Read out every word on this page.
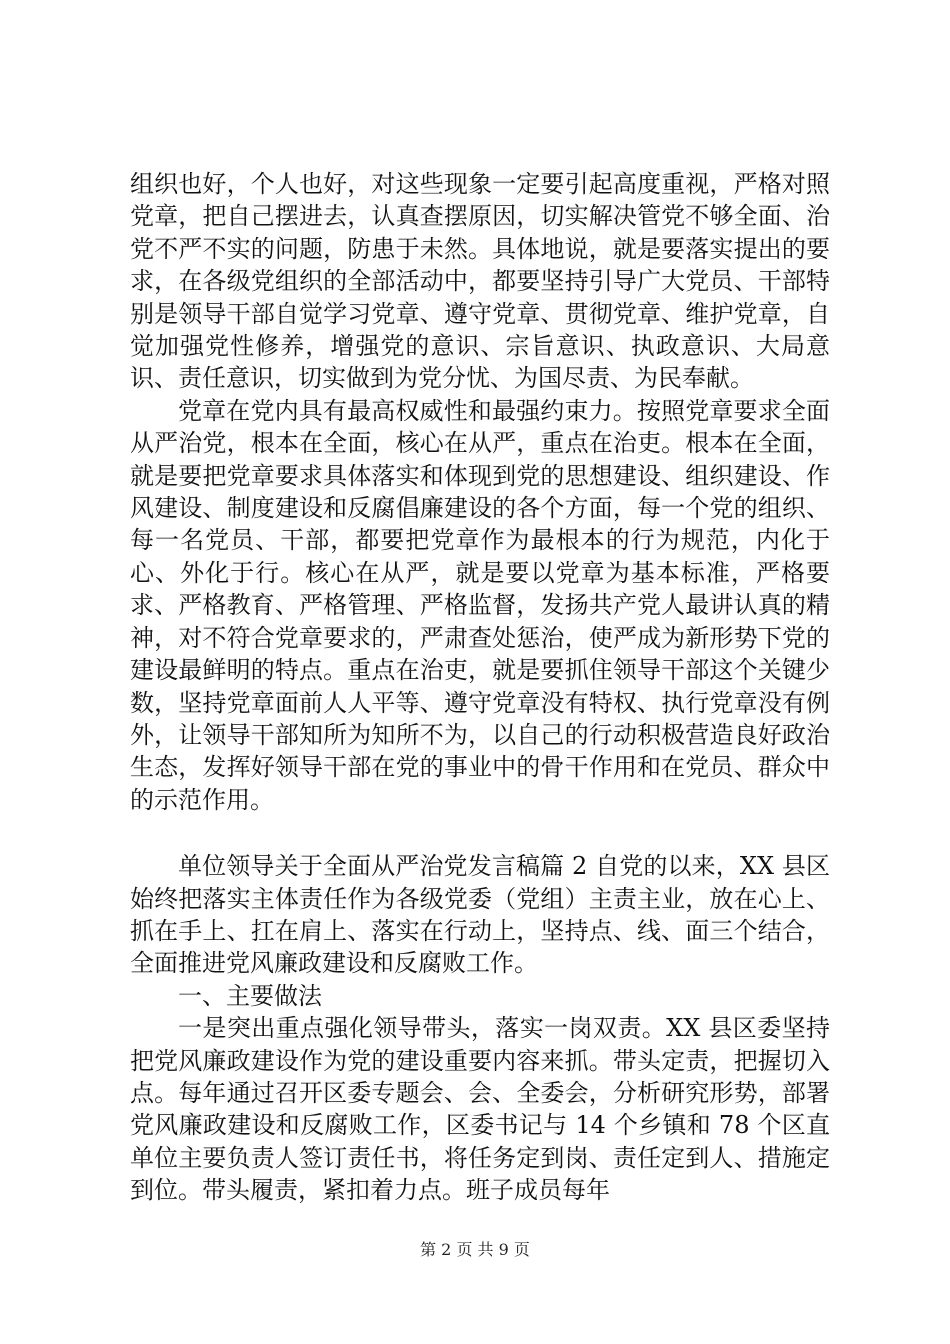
组织也好，个人也好，对这些现象一定要引起高度重视，严格对照党章，把自己摆进去，认真查摆原因，切实解决管党不够全面、治党不严不实的问题，防患于未然。具体地说，就是要落实提出的要求，在各级党组织的全部活动中，都要坚持引导广大党员、干部特别是领导干部自觉学习党章、遵守党章、贯彻党章、维护党章，自觉加强党性修养，增强党的意识、宗旨意识、执政意识、大局意识、责任意识，切实做到为党分忧、为国尽责、为民奉献。

党章在党内具有最高权威性和最强约束力。按照党章要求全面从严治党，根本在全面，核心在从严，重点在治吏。根本在全面，就是要把党章要求具体落实和体现到党的思想建设、组织建设、作风建设、制度建设和反腐倡廉建设的各个方面，每一个党的组织、每一名党员、干部，都要把党章作为最根本的行为规范，内化于心、外化于行。核心在从严，就是要以党章为基本标准，严格要求、严格教育、严格管理、严格监督，发扬共产党人最讲认真的精神，对不符合党章要求的，严肃查处惩治，使严成为新形势下党的建设最鲜明的特点。重点在治吏，就是要抓住领导干部这个关键少数，坚持党章面前人人平等、遵守党章没有特权、执行党章没有例外，让领导干部知所为知所不为，以自己的行动积极营造良好政治生态，发挥好领导干部在党的事业中的骨干作用和在党员、群众中的示范作用。

单位领导关于全面从严治党发言稿篇 2 自党的以来，XX 县区始终把落实主体责任作为各级党委（党组）主责主业，放在心上、抓在手上、扛在肩上、落实在行动上，坚持点、线、面三个结合，全面推进党风廉政建设和反腐败工作。

一、主要做法

一是突出重点强化领导带头，落实一岗双责。XX 县区委坚持把党风廉政建设作为党的建设重要内容来抓。带头定责，把握切入点。每年通过召开区委专题会、会、全委会，分析研究形势，部署党风廉政建设和反腐败工作，区委书记与 14 个乡镇和 78 个区直单位主要负责人签订责任书，将任务定到岗、责任定到人、措施定到位。带头履责，紧扣着力点。班子成员每年

第 2 页 共 9 页
